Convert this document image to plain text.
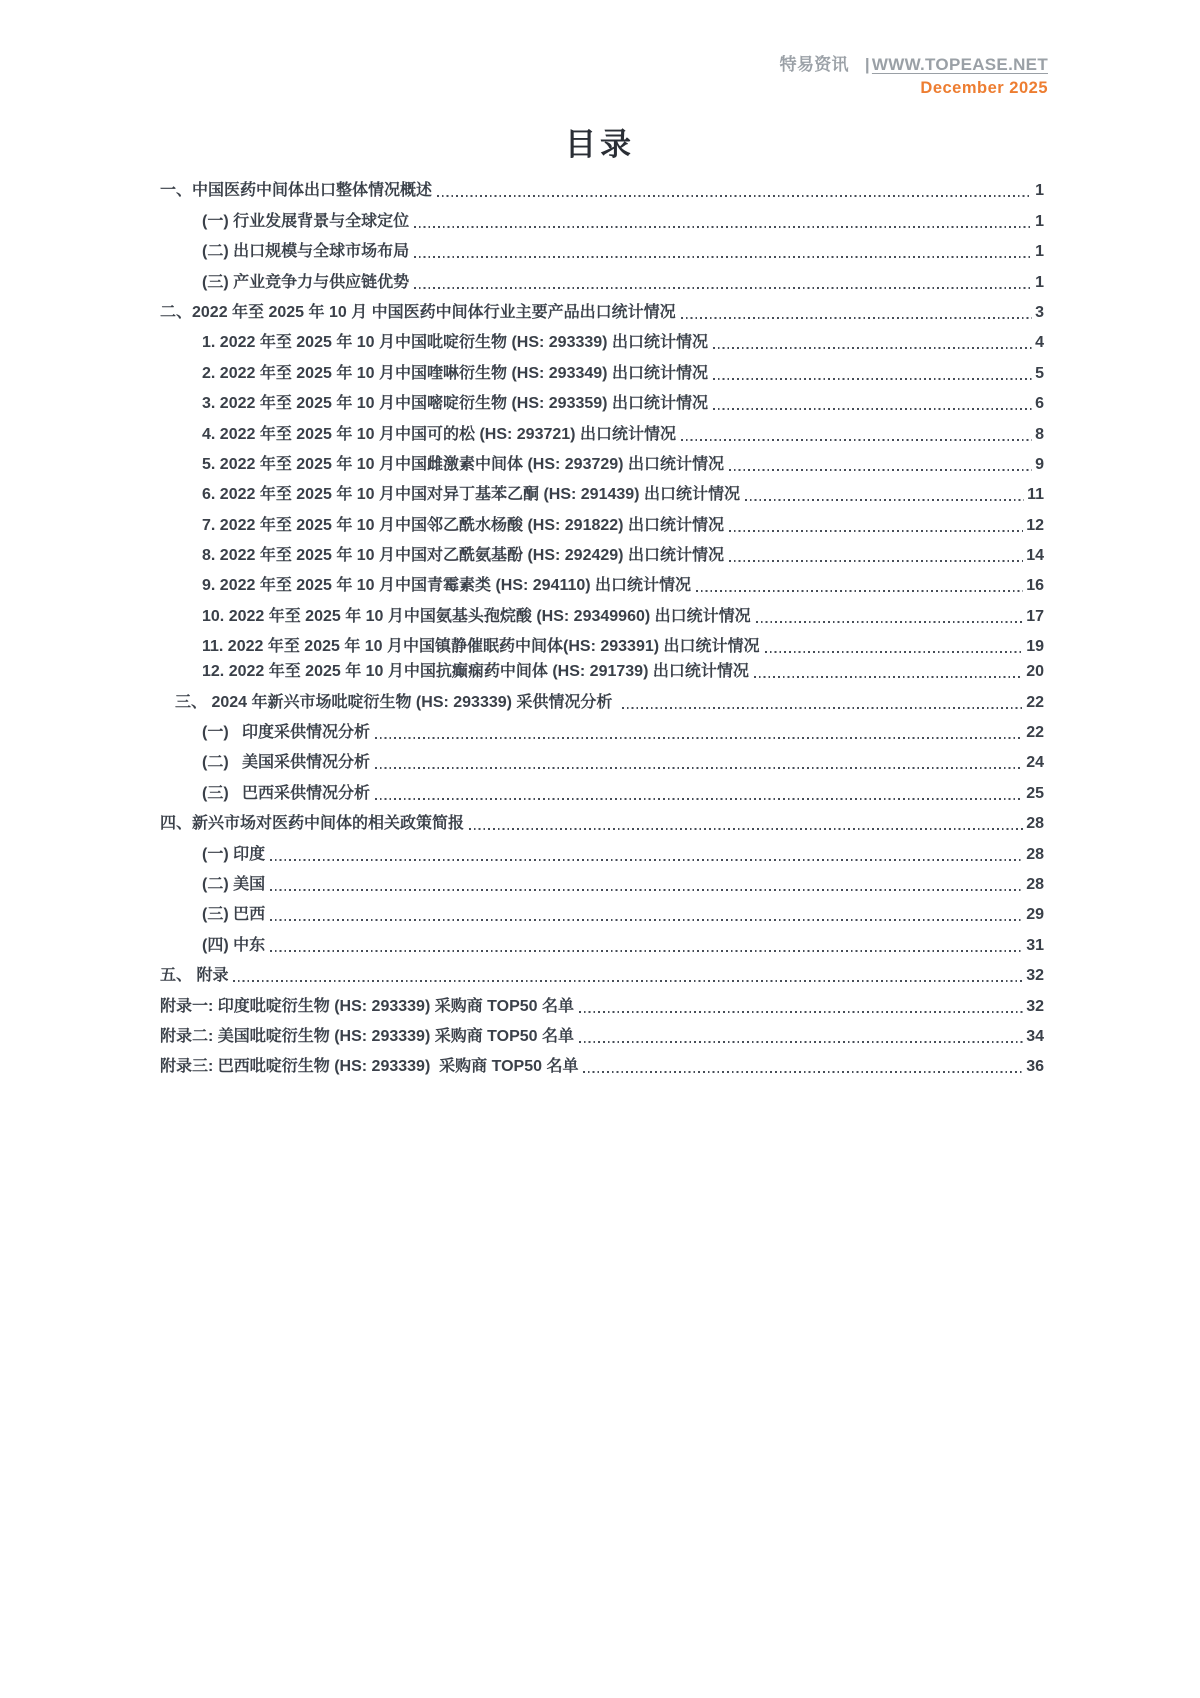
特易资讯 | WWW.TOPEASE.NET
December 2025
目录
一、中国医药中间体出口整体情况概述	1
(一) 行业发展背景与全球定位	1
(二) 出口规模与全球市场布局	1
(三) 产业竞争力与供应链优势	1
二、2022 年至 2025 年 10 月 中国医药中间体行业主要产品出口统计情况	3
1. 2022 年至 2025 年 10 月中国吡啶衍生物 (HS: 293339) 出口统计情况	4
2. 2022 年至 2025 年 10 月中国喹啉衍生物 (HS: 293349) 出口统计情况	5
3. 2022 年至 2025 年 10 月中国嘧啶衍生物 (HS: 293359) 出口统计情况	6
4. 2022 年至 2025 年 10 月中国可的松 (HS: 293721) 出口统计情况	8
5. 2022 年至 2025 年 10 月中国雌激素中间体 (HS: 293729) 出口统计情况	9
6. 2022 年至 2025 年 10 月中国对异丁基苯乙酮 (HS: 291439) 出口统计情况	11
7. 2022 年至 2025 年 10 月中国邻乙酰水杨酸 (HS: 291822) 出口统计情况	12
8. 2022 年至 2025 年 10 月中国对乙酰氨基酚 (HS: 292429) 出口统计情况	14
9. 2022 年至 2025 年 10 月中国青霉素类 (HS: 294110) 出口统计情况	16
10. 2022 年至 2025 年 10 月中国氨基头孢烷酸 (HS: 29349960) 出口统计情况	17
11. 2022 年至 2025 年 10 月中国镇静催眠药中间体(HS: 293391) 出口统计情况	19
12. 2022 年至 2025 年 10 月中国抗癫痫药中间体 (HS: 291739) 出口统计情况	20
三、 2024 年新兴市场吡啶衍生物 (HS: 293339) 采供情况分析	22
(一)   印度采供情况分析	22
(二)   美国采供情况分析	24
(三)   巴西采供情况分析	25
四、新兴市场对医药中间体的相关政策简报	28
(一) 印度	28
(二) 美国	28
(三) 巴西	29
(四) 中东	31
五、 附录	32
附录一: 印度吡啶衍生物 (HS: 293339) 采购商 TOP50 名单	32
附录二: 美国吡啶衍生物 (HS: 293339) 采购商 TOP50 名单	34
附录三: 巴西吡啶衍生物 (HS: 293339)  采购商 TOP50 名单	36
